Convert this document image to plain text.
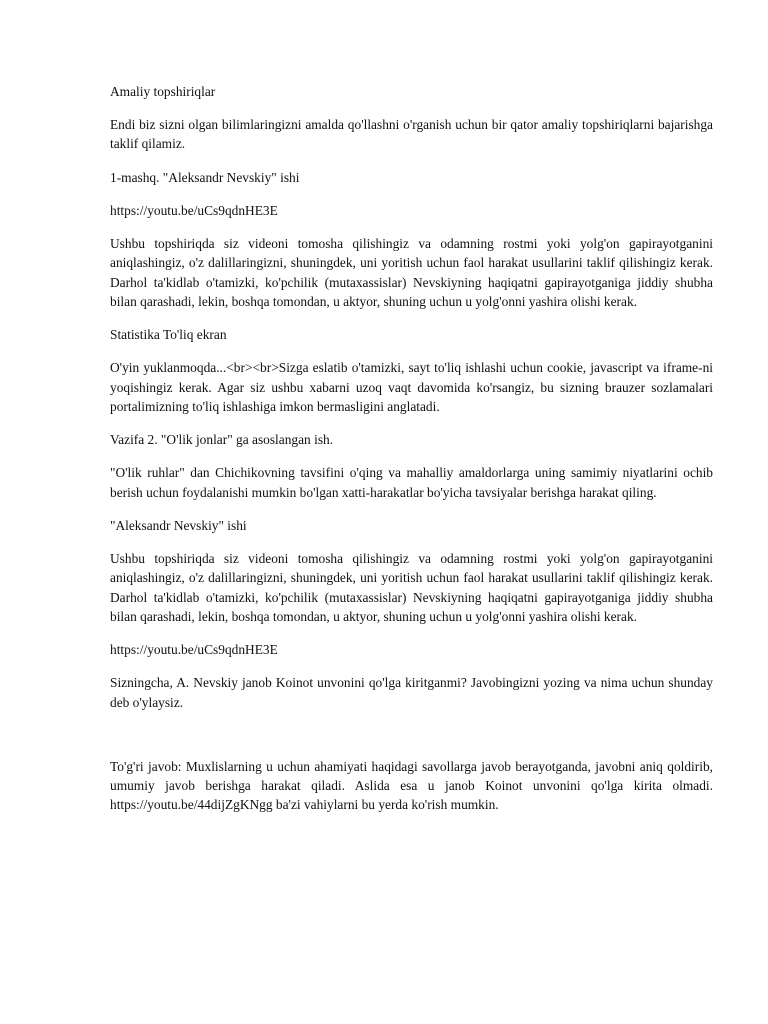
Amaliy topshiriqlar

Endi biz sizni olgan bilimlaringizni amalda qo'llashni o'rganish uchun bir qator amaliy topshiriqlarni bajarishga taklif qilamiz.

1-mashq. "Aleksandr Nevskiy" ishi

https://youtu.be/uCs9qdnHE3E

Ushbu topshiriqda siz videoni tomosha qilishingiz va odamning rostmi yoki yolg'on gapirayotganini aniqlashingiz, o'z dalillaringizni, shuningdek, uni yoritish uchun faol harakat usullarini taklif qilishingiz kerak. Darhol ta'kidlab o'tamizki, ko'pchilik (mutaxassislar) Nevskiyning haqiqatni gapirayotganiga jiddiy shubha bilan qarashadi, lekin, boshqa tomondan, u aktyor, shuning uchun u yolg'onni yashira olishi kerak.

Statistika To'liq ekran

O'yin yuklanmoqda...<br><br>Sizga eslatib o'tamizki, sayt to'liq ishlashi uchun cookie, javascript va iframe-ni yoqishingiz kerak. Agar siz ushbu xabarni uzoq vaqt davomida ko'rsangiz, bu sizning brauzer sozlamalari portalimizning to'liq ishlashiga imkon bermasligini anglatadi.

Vazifa 2. "O'lik jonlar" ga asoslangan ish.

"O'lik ruhlar" dan Chichikovning tavsifini o'qing va mahalliy amaldorlarga uning samimiy niyatlarini ochib berish uchun foydalanishi mumkin bo'lgan xatti-harakatlar bo'yicha tavsiyalar berishga harakat qiling.

"Aleksandr Nevskiy" ishi

Ushbu topshiriqda siz videoni tomosha qilishingiz va odamning rostmi yoki yolg'on gapirayotganini aniqlashingiz, o'z dalillaringizni, shuningdek, uni yoritish uchun faol harakat usullarini taklif qilishingiz kerak. Darhol ta'kidlab o'tamizki, ko'pchilik (mutaxassislar) Nevskiyning haqiqatni gapirayotganiga jiddiy shubha bilan qarashadi, lekin, boshqa tomondan, u aktyor, shuning uchun u yolg'onni yashira olishi kerak.

https://youtu.be/uCs9qdnHE3E

Sizningcha, A. Nevskiy janob Koinot unvonini qo'lga kiritganmi? Javobingizni yozing va nima uchun shunday deb o'ylaysiz.

To'g'ri javob: Muxlislarning u uchun ahamiyati haqidagi savollarga javob berayotganda, javobni aniq qoldirib, umumiy javob berishga harakat qiladi. Aslida esa u janob Koinot unvonini qo'lga kirita olmadi. https://youtu.be/44dijZgKNgg ba'zi vahiylarni bu yerda ko'rish mumkin.
